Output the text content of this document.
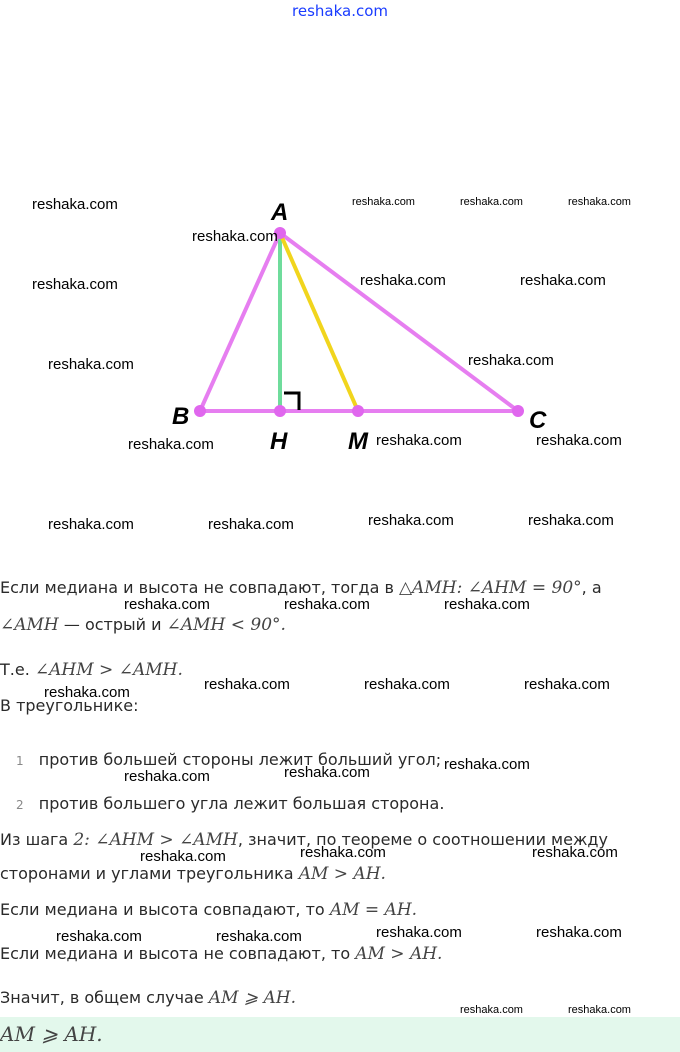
reshaka.com
A
B	C
H	M
reshaka.com	reshaka.com	reshaka.com	reshaka.com
reshaka.com
reshaka.com	reshaka.com	reshaka.com
reshaka.com	reshaka.com
reshaka.com	reshaka.com	reshaka.com
reshaka.com	reshaka.com	reshaka.com	reshaka.com
reshaka.com	reshaka.com	reshaka.com
reshaka.com	reshaka.com	reshaka.com
reshaka.com
reshaka.com
reshaka.com
reshaka.com
reshaka.com	reshaka.com
reshaka.com
reshaka.com	reshaka.com
reshaka.com	reshaka.com
reshaka.com	reshaka.com
Если медиана и высота не совпадают, тогда в △AMH: ∠AHM = 90°, а
∠AMH — острый и ∠AMH < 90°.
Т.е. ∠AHM > ∠AMH.
В треугольнике:
1 против большей стороны лежит больший угол;
2 против большего угла лежит большая сторона.
Из шага 2: ∠AHM > ∠AMH, значит, по теореме о соотношении между
сторонами и углами треугольника AM > AH.
Если медиана и высота совпадают, то AM = AH.
Если медиана и высота не совпадают, то AM > AH.
Значит, в общем случае AM ⩾ AH.
AM ⩾ AH.
